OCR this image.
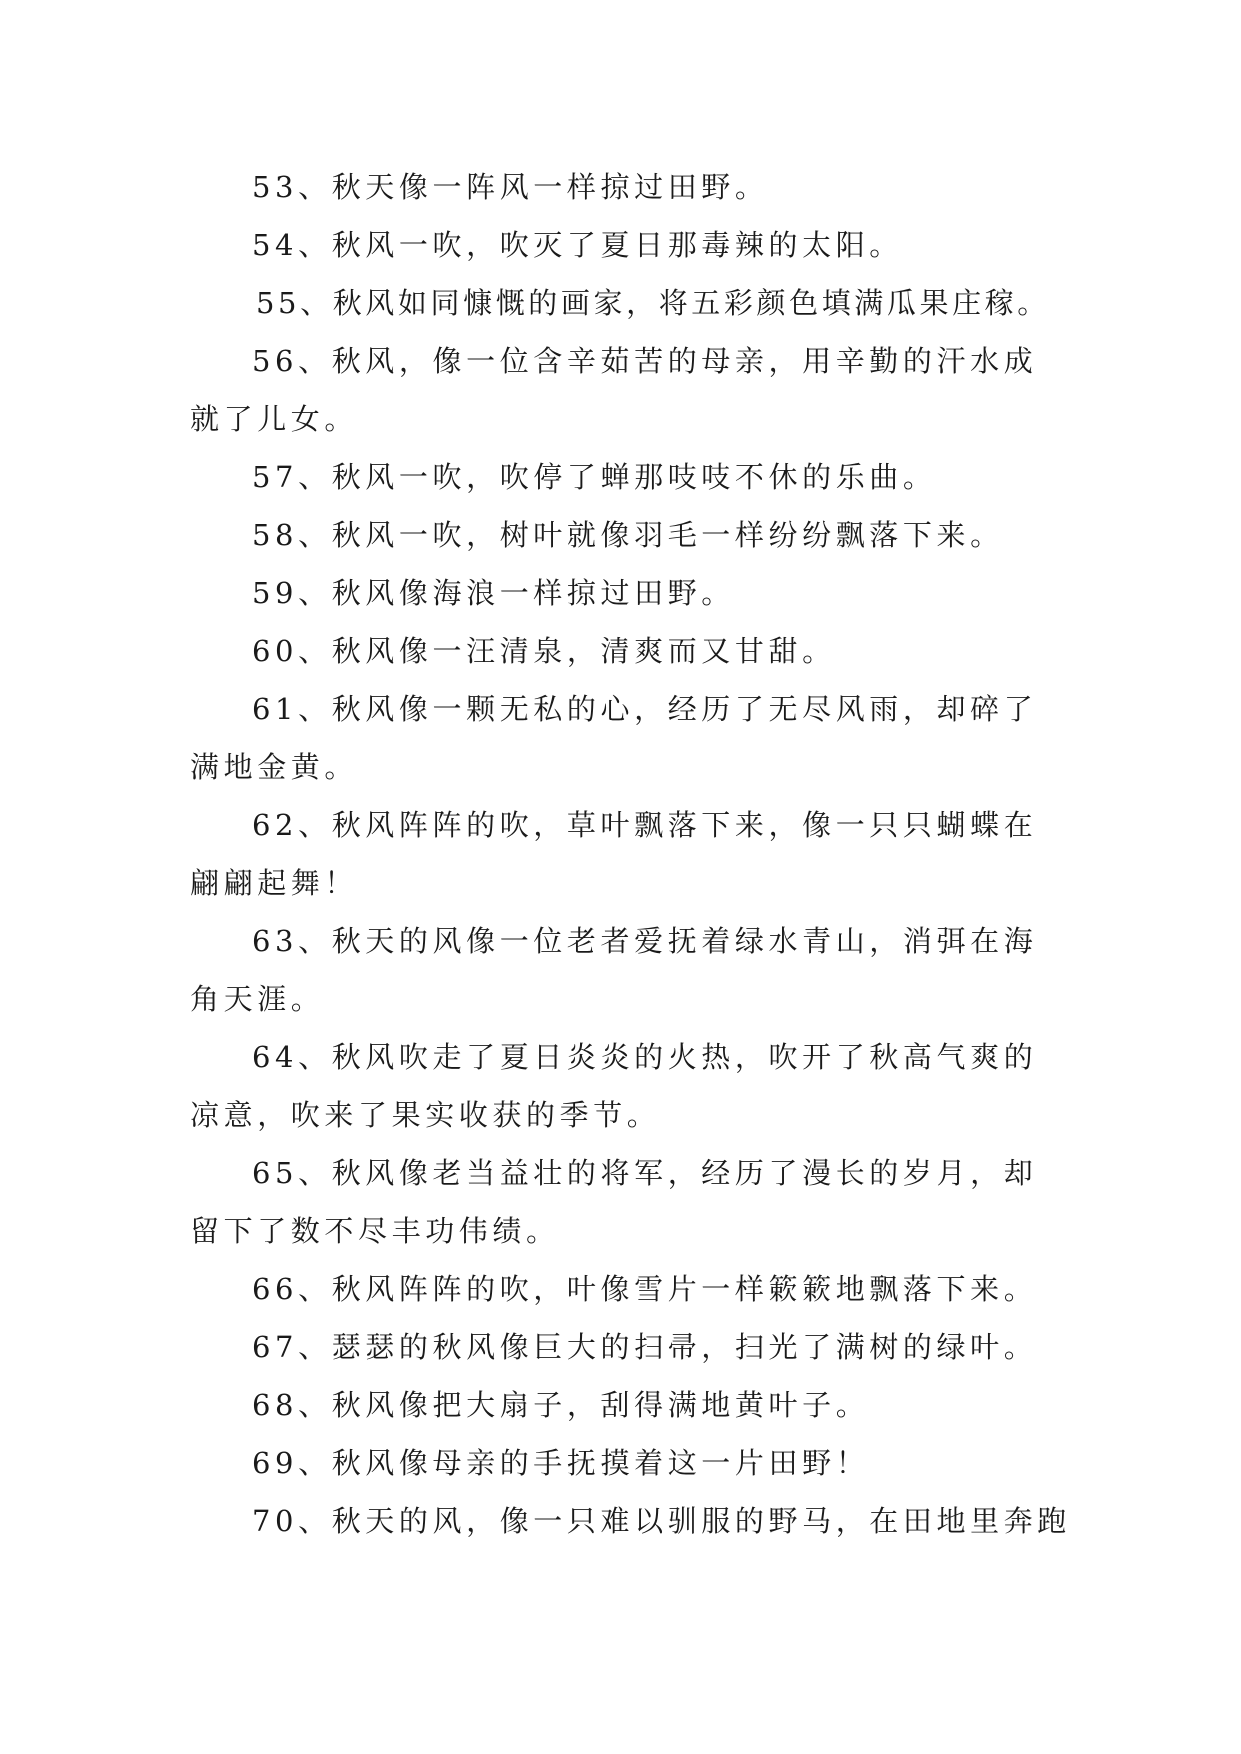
53、秋天像一阵风一样掠过田野。

54、秋风一吹，吹灭了夏日那毒辣的太阳。

55、秋风如同慷慨的画家，将五彩颜色填满瓜果庄稼。

56、秋风，像一位含辛茹苦的母亲，用辛勤的汗水成就了儿女。

57、秋风一吹，吹停了蝉那吱吱不休的乐曲。

58、秋风一吹，树叶就像羽毛一样纷纷飘落下来。

59、秋风像海浪一样掠过田野。

60、秋风像一汪清泉，清爽而又甘甜。

61、秋风像一颗无私的心，经历了无尽风雨，却碎了满地金黄。

62、秋风阵阵的吹，草叶飘落下来，像一只只蝴蝶在翩翩起舞！

63、秋天的风像一位老者爱抚着绿水青山，消弭在海角天涯。

64、秋风吹走了夏日炎炎的火热，吹开了秋高气爽的凉意，吹来了果实收获的季节。

65、秋风像老当益壮的将军，经历了漫长的岁月，却留下了数不尽丰功伟绩。

66、秋风阵阵的吹，叶像雪片一样簌簌地飘落下来。

67、瑟瑟的秋风像巨大的扫帚，扫光了满树的绿叶。

68、秋风像把大扇子，刮得满地黄叶子。

69、秋风像母亲的手抚摸着这一片田野！

70、秋天的风，像一只难以驯服的野马，在田地里奔跑
